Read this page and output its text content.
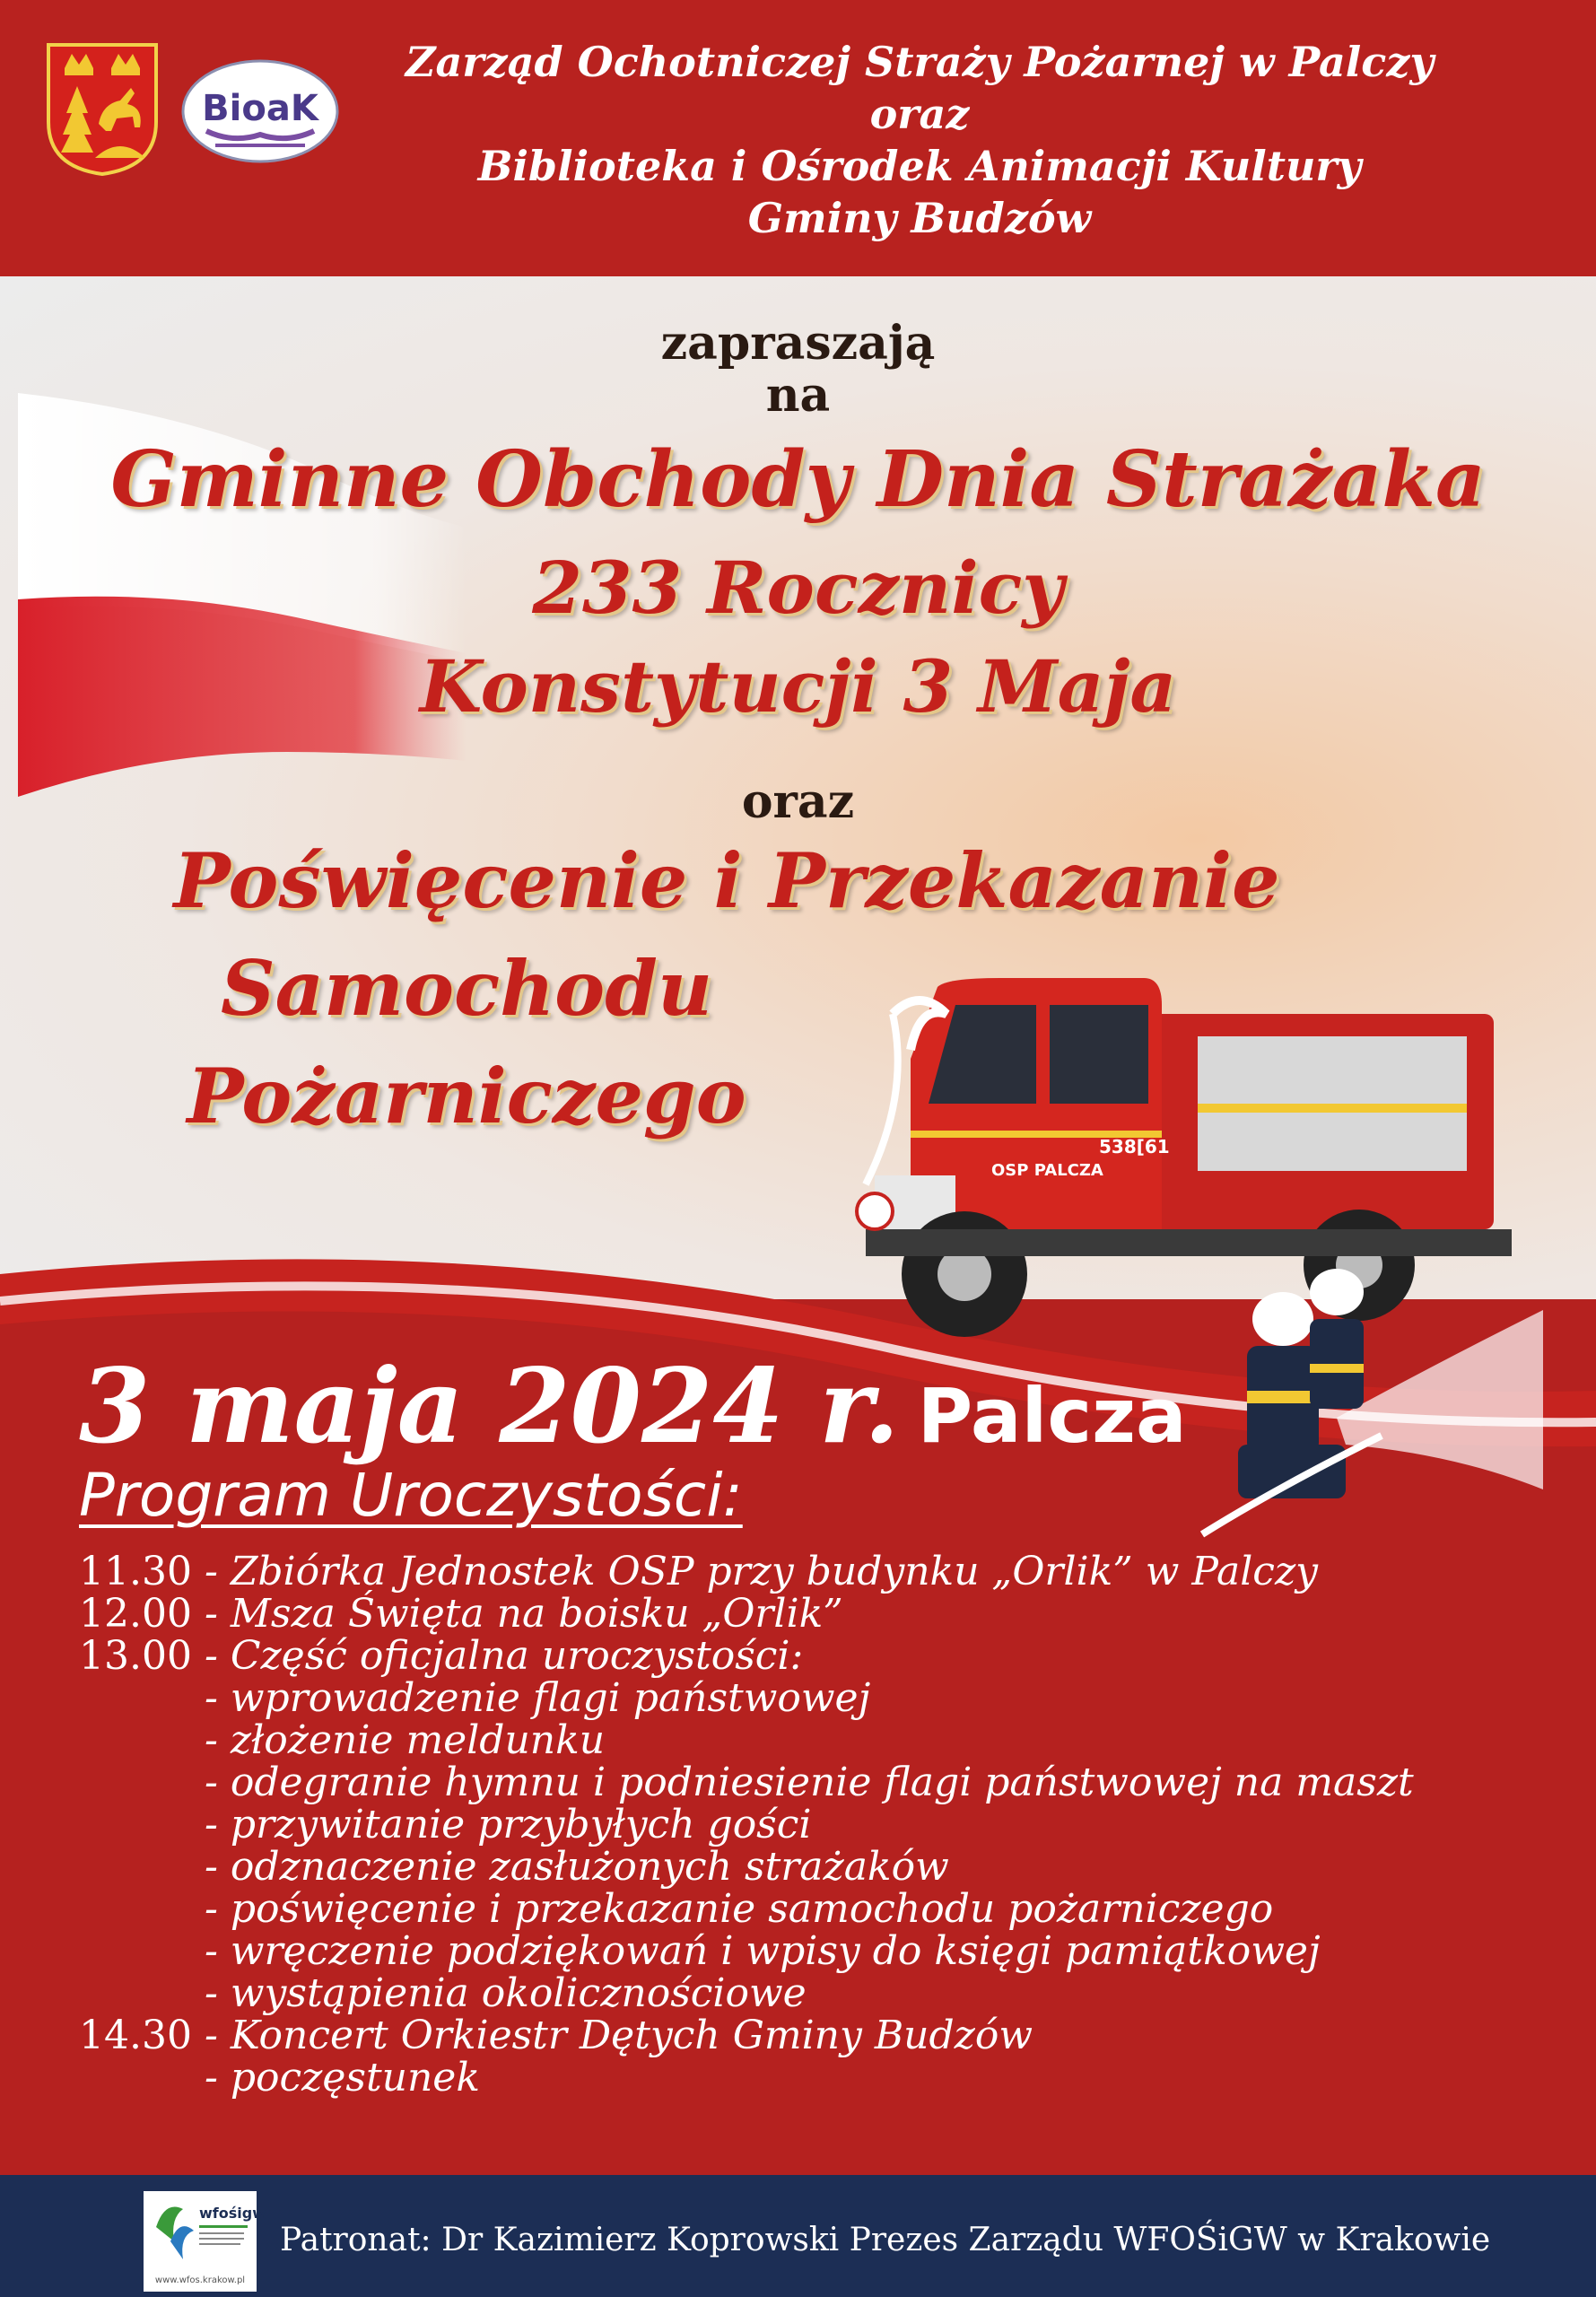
BioaK
Zarząd Ochotniczej Straży Pożarnej w Palczy
oraz
Biblioteka i Ośrodek Animacji Kultury
Gminy Budzów
zapraszają
na
Gminne Obchody Dnia Strażaka
233 Rocznicy
Konstytucji 3 Maja
oraz
Poświęcenie i Przekazanie
Samochodu
Pożarniczego
OSP PALCZA
538[61
3 maja 2024 r. Palcza
Program Uroczystości:
11.30 - Zbiórka Jednostek OSP przy budynku „Orlik” w Palczy
12.00 - Msza Święta na boisku „Orlik”
13.00 - Część oficjalna uroczystości:
- wprowadzenie flagi państwowej
- złożenie meldunku
- odegranie hymnu i podniesienie flagi państwowej na maszt
- przywitanie przybyłych gości
- odznaczenie zasłużonych strażaków
- poświęcenie i przekazanie samochodu pożarniczego
- wręczenie podziękowań i wpisy do księgi pamiątkowej
- wystąpienia okolicznościowe
14.30 - Koncert Orkiestr Dętych Gminy Budzów
- poczęstunek
wfośigw
www.wfos.krakow.pl
Patronat: Dr Kazimierz Koprowski Prezes Zarządu WFOŚiGW w Krakowie
